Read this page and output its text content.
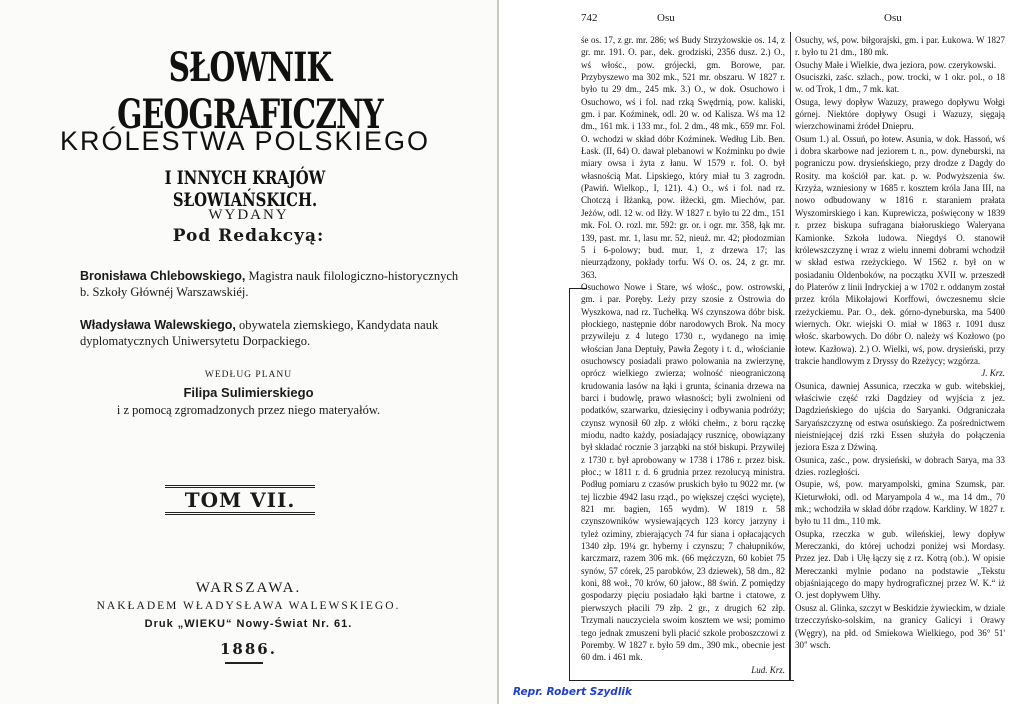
SŁOWNIK GEOGRAFICZNY
KRÓLESTWA POLSKIEGO
I INNYCH KRAJÓW SŁOWIAŃSKICH.
WYDANY
Pod Redakcyą:
Bronisława Chlebowskiego, Magistra nauk filologiczno-historycznych b. Szkoły Głównéj Warszawskiéj.
Władysława Walewskiego, obywatela ziemskiego, Kandydata nauk dyplomatycznych Uniwersytetu Dorpackiego.
WEDŁUG PLANU
Filipa Sulimierskiego
i z pomocą zgromadzonych przez niego materyałów.
TOM VII.
WARSZAWA.
NAKŁADEM WŁADYSŁAWA WALEWSKIEGO.
Druk „WIEKU“ Nowy-Świat Nr. 61.
1886.
742	Osu	Osu

śe os. 17, z gr. mr. 286; wś Budy Strzyżowskie os. 14, z gr. mr. 191. O. par., dek. grodziski, 2356 dusz. 2.) O., wś włośc., pow. grójecki, gm. Borowe, par. Przybyszewo ma 302 mk., 521 mr. obszaru. W 1827 r. było tu 29 dm., 245 mk. 3.) O., w dok. Osuchowo i Osuchowo, wś i fol. nad rzką Swędrnią, pow. kaliski, gm. i par. Koźminek, odl. 20 w. od Kalisza. Wś ma 12 dm., 161 mk. i 133 mr., fol. 2 dm., 48 mk., 659 mr. Fol. O. wchodzi w skład dóbr Koźminek. Według Lib. Ben. Łask. (II, 64) O. dawał plebanowi w Koźminku po dwie miary owsa i żyta z łanu. W 1579 r. fol. O. był własnością Mat. Lipskiego, który miał tu 3 zagrodn. (Pawiń. Wielkop., I, 121). 4.) O., wś i fol. nad rz. Chotczą i Iłżanką, pow. iłżecki, gm. Miechów, par. Jeżów, odl. 12 w. od Iłży. W 1827 r. było tu 22 dm., 151 mk. Fol. O. rozl. mr. 592: gr. or. i ogr. mr. 358, łąk mr. 139, past. mr. 1, lasu mr. 52, nieuż. mr. 42; płodozmian 5 i 6-polowy; bud. mur. 1, z drzewa 17; las nieurządzony, pokłady torfu. Wś O. os. 24, z gr. mr. 363.

Osuchowo Nowe i Stare, wś włośc., pow. ostrowski, gm. i par. Poręby. Leży przy szosie z Ostrowia do Wyszkowa, nad rz. Tuchełką. Wś czynszowa dóbr bisk. płockiego, następnie dóbr narodowych Brok. Na mocy przywileju z 4 lutego 1730 r., wydanego na imię włościan Jana Deptuły, Pawła Żegoty i t. d., włościanie osuchowscy posiadali prawo polowania na zwierzynę, oprócz wielkiego zwierza; wolność nieograniczoną krudowania lasów na łąki i grunta, ścinania drzewa na barci i budowlę, prawo własności; byli zwolnieni od podatków, szarwarku, dziesięciny i odbywania podróży; czynsz wynosił 60 złp. z włóki chełm., z boru rączkę miodu, nadto każdy, posiadający rusznicę, obowiązany był składać rocznie 3 jarząbki na stół biskupi. Przywilej z 1730 r. był aprobowany w 1738 i 1786 r. przez bisk. płoc.; w 1811 r. d. 6 grudnia przez rezolucyą ministra. Podług pomiaru z czasów pruskich było tu 9022 mr. (w tej liczbie 4942 lasu rząd., po większej części wycięte), 821 mr. bagien, 165 wydm). W 1819 r. 58 czynszowników wysiewających 123 korcy jarzyny i tyleż oziminy, zbierających 74 fur siana i opłacających 1340 złp. 19¼ gr. hyberny i czynszu; 7 chałupników, karczmarz, razem 306 mk. (66 mężczyzn, 60 kobiet 75 synów, 57 córek, 25 parobków, 23 dziewek), 58 dm., 82 koni, 88 woł., 70 krów, 60 jałow., 88 świń. Z pomiędzy gospodarzy pięciu posiadało łąki bartne i ctatowe, z pierwszych płacili 79 złp. 2 gr., z drugich 62 złp. Trzymali nauczyciela swoim kosztem we wsi; pomimo tego jednak zmuszeni byli płacić szkole proboszczowi z Poremby. W 1827 r. było 59 dm., 390 mk., obecnie jest 60 dm. i 461 mk.

Lud. Krz.

Osuchy, wś, pow. biłgorajski, gm. i par. Łukowa. W 1827 r. było tu 21 dm., 180 mk.

Osuchy Małe i Wielkie, dwa jeziora, pow. czerykowski.

Osuciszki, zaśc. szlach., pow. trocki, w 1 okr. pol., o 18 w. od Trok, 1 dm., 7 mk. kat.

Osuga, lewy dopływ Wazuzy, prawego dopływu Wołgi górnej. Niektóre dopływy Osugi i Wazuzy, sięgają wierzchowinami źródeł Dniepru.

Osum 1.) al. Ossuń, po łotew. Asunia, w dok. Hassoń, wś i dobra skarbowe nad jeziorem t. n., pow. dyneburski, na pograniczu pow. drysieńskiego, przy drodze z Dagdy do Rosity. ma kościół par. kat. p. w. Podwyższenia św. Krzyża, wzniesiony w 1685 r. kosztem króla Jana III, na nowo odbudowany w 1816 r. staraniem prałata Wyszomirskiego i kan. Kuprewicza, poświęcony w 1839 r. przez biskupa sufragana białoruskiego Waleryana Kamionke. Szkoła ludowa. Niegdyś O. stanowił królewszczyznę i wraz z wielu innemi dobrami wchodził w skład estwa rzeżyckiego. W 1562 r. był on w posiadaniu Oldenboków, na początku XVII w. przeszedł do Platerów z linii Indryckiej a w 1702 r. oddanym został przez króla Mikołajowi Korffowi, ówczesnemu słcie rzeżyckiemu. Par. O., dek. górno-dyneburska, ma 5400 wiernych. Okr. wiejski O. miał w 1863 r. 1091 dusz włośc. skarbowych. Do dóbr O. należy wś Kozłowo (po łotew. Kazłowa). 2.) O. Wielki, wś, pow. drysieński, przy trakcie handlowym z Dryssy do Rzeżycy; wzgórza.

J. Krz.

Osunica, dawniej Assunica, rzeczka w gub. witebskiej, właściwie część rzki Dagdziey od wyjścia z jez. Dagdzieńskiego do ujścia do Saryanki. Odgraniczała Saryańszczyznę od estwa osuńskiego. Za pośrednictwem nieistniejącej dziś rzki Essen służyła do połączenia jeziora Esza z Dźwiną.

Osunica, zaśc., pow. drysieński, w dobrach Sarya, ma 33 dzies. rozległości.

Osupie, wś, pow. maryampolski, gmina Szumsk, par. Kieturwłoki, odl. od Maryampola 4 w., ma 14 dm., 70 mk.; wchodziła w skład dóbr rządow. Karkliny. W 1827 r. było tu 11 dm., 110 mk.

Osupka, rzeczka w gub. wileńskiej, lewy dopływ Mereczanki, do której uchodzi poniżej wsi Mordasy. Przez jez. Dab i Ułę łączy się z rz. Kotrą (ob.). W opisie Mereczanki mylnie podano na podstawie „Tekstu objaśniającego do mapy hydrograficznej przez W. K.“ iż O. jest dopływem Ułhy.

Osusz al. Glinka, szczyt w Beskidzie żywieckim, w dziale trzecczyńsko-solskim, na granicy Galicyi i Orawy (Węgry), na płd. od Smiekowa Wielkiego, pod 36° 51' 30" wsch.

Repr. Robert Szydlik
